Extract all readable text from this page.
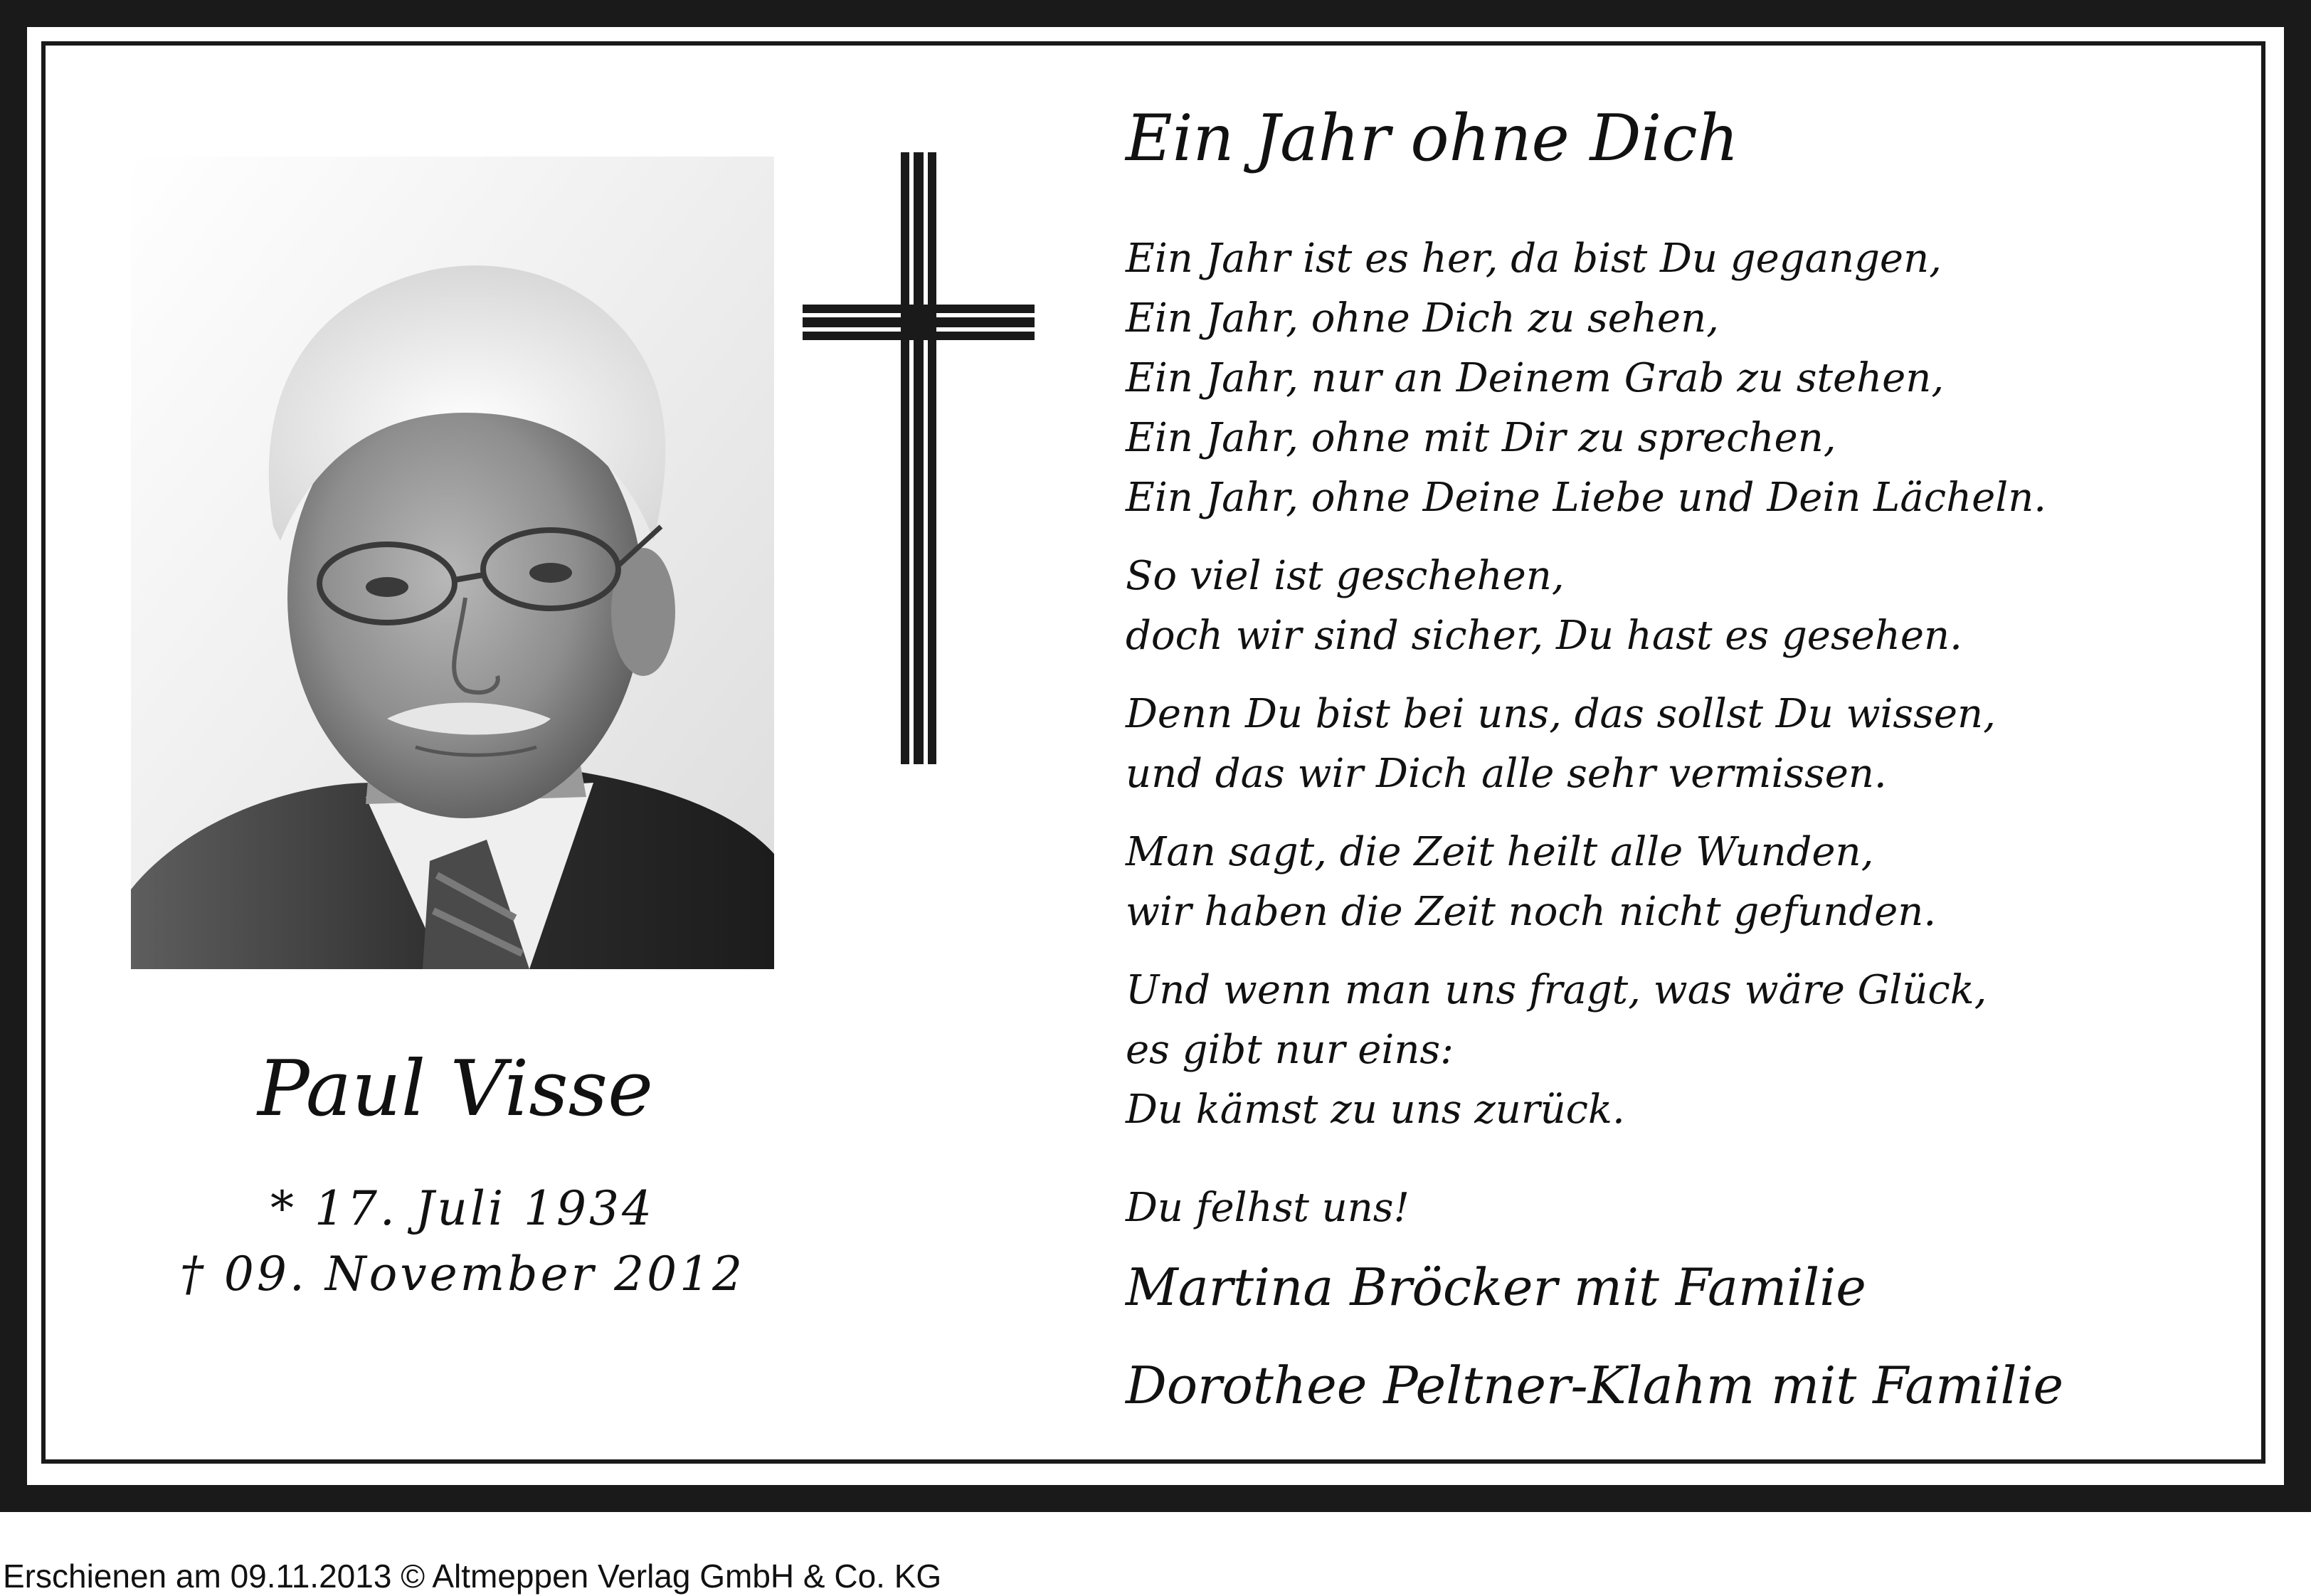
Paul Visse
* 17. Juli 1934
† 09. November 2012
Ein Jahr ohne Dich
Ein Jahr ist es her, da bist Du gegangen,
Ein Jahr, ohne Dich zu sehen,
Ein Jahr, nur an Deinem Grab zu stehen,
Ein Jahr, ohne mit Dir zu sprechen,
Ein Jahr, ohne Deine Liebe und Dein Lächeln.
So viel ist geschehen,
doch wir sind sicher, Du hast es gesehen.
Denn Du bist bei uns, das sollst Du wissen,
und das wir Dich alle sehr vermissen.
Man sagt, die Zeit heilt alle Wunden,
wir haben die Zeit noch nicht gefunden.
Und wenn man uns fragt, was wäre Glück,
es gibt nur eins:
Du kämst zu uns zurück.
Du felhst uns!
Martina Bröcker mit Familie
Dorothee Peltner-Klahm mit Familie
Erschienen am 09.11.2013 © Altmeppen Verlag GmbH & Co. KG
